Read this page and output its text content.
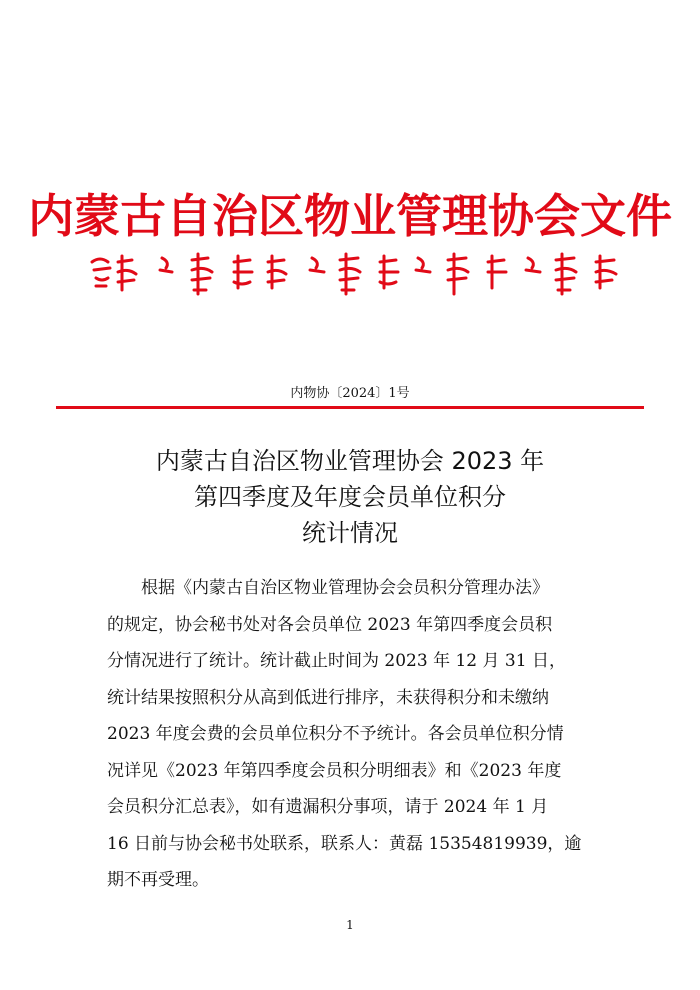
内蒙古自治区物业管理协会文件
内物协〔2024〕1号
内蒙古自治区物业管理协会 2023 年
第四季度及年度会员单位积分
统计情况
根据《内蒙古自治区物业管理协会会员积分管理办法》
的规定，协会秘书处对各会员单位 2023 年第四季度会员积
分情况进行了统计。统计截止时间为 2023 年 12 月 31 日，
统计结果按照积分从高到低进行排序，未获得积分和未缴纳
2023 年度会费的会员单位积分不予统计。各会员单位积分情
况详见《2023 年第四季度会员积分明细表》和《2023 年度
会员积分汇总表》，如有遗漏积分事项，请于 2024 年 1 月
16 日前与协会秘书处联系，联系人：黄磊 15354819939，逾
期不再受理。
1
